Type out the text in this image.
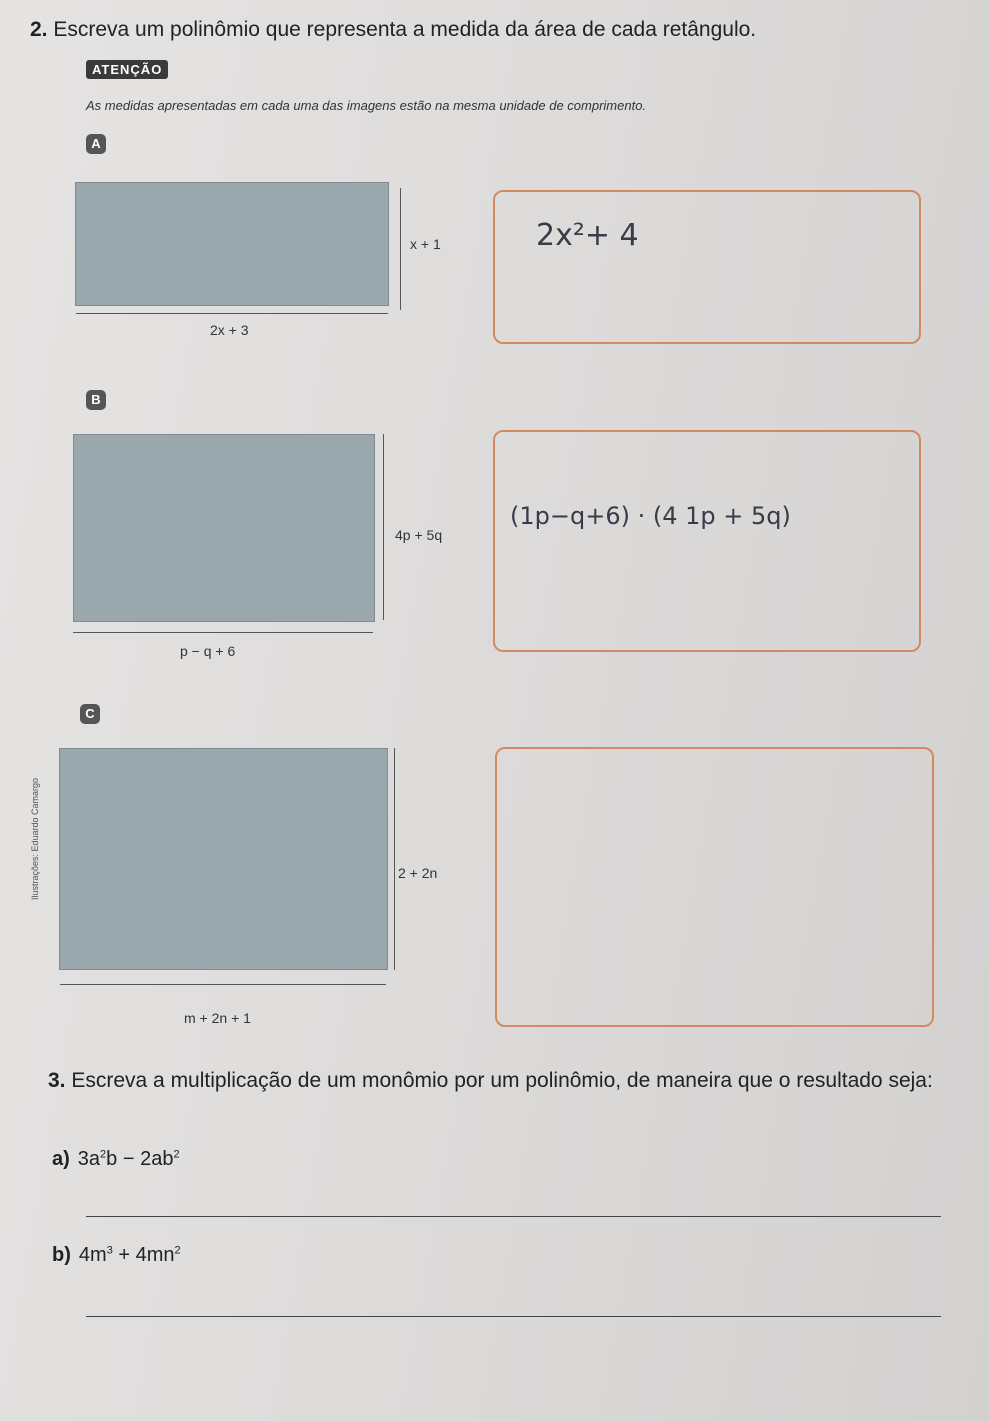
2. Escreva um polinômio que representa a medida da área de cada retângulo.
ATENÇÃO
As medidas apresentadas em cada uma das imagens estão na mesma unidade de comprimento.
A
x + 1
2x + 3
2x²+ 4
B
4p + 5q
p − q + 6
(1p−q+6) · (4 1p + 5q)
C
2 + 2n
m + 2n + 1
Ilustrações: Eduardo Camargo
3. Escreva a multiplicação de um monômio por um polinômio, de maneira que o resultado seja:
a) $3a^2b - 2ab^2$
b) $4m^3 + 4mn^2$
